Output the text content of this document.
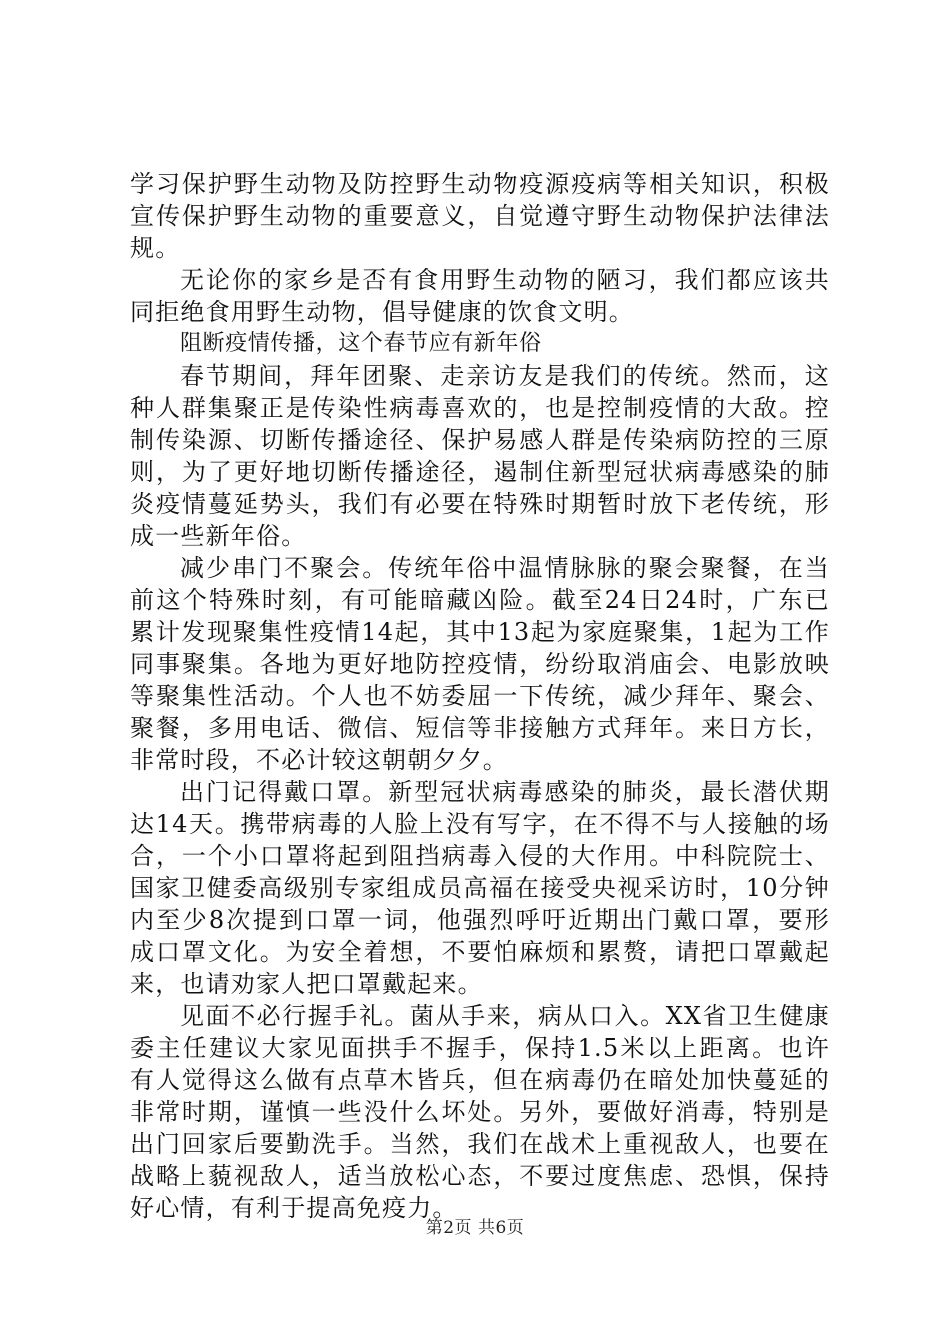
学习保护野生动物及防控野生动物疫源疫病等相关知识，积极
宣传保护野生动物的重要意义，自觉遵守野生动物保护法律法
规。
无论你的家乡是否有食用野生动物的陋习，我们都应该共
同拒绝食用野生动物，倡导健康的饮食文明。
阻断疫情传播，这个春节应有新年俗
春节期间，拜年团聚、走亲访友是我们的传统。然而，这
种人群集聚正是传染性病毒喜欢的，也是控制疫情的大敌。控
制传染源、切断传播途径、保护易感人群是传染病防控的三原
则，为了更好地切断传播途径，遏制住新型冠状病毒感染的肺
炎疫情蔓延势头，我们有必要在特殊时期暂时放下老传统，形
成一些新年俗。
减少串门不聚会。传统年俗中温情脉脉的聚会聚餐，在当
前这个特殊时刻，有可能暗藏凶险。截至24日24时，广东已
累计发现聚集性疫情14起，其中13起为家庭聚集，1起为工作
同事聚集。各地为更好地防控疫情，纷纷取消庙会、电影放映
等聚集性活动。个人也不妨委屈一下传统，减少拜年、聚会、
聚餐，多用电话、微信、短信等非接触方式拜年。来日方长，
非常时段，不必计较这朝朝夕夕。
出门记得戴口罩。新型冠状病毒感染的肺炎，最长潜伏期
达14天。携带病毒的人脸上没有写字，在不得不与人接触的场
合，一个小口罩将起到阻挡病毒入侵的大作用。中科院院士、
国家卫健委高级别专家组成员高福在接受央视采访时，10分钟
内至少8次提到口罩一词，他强烈呼吁近期出门戴口罩，要形
成口罩文化。为安全着想，不要怕麻烦和累赘，请把口罩戴起
来，也请劝家人把口罩戴起来。
见面不必行握手礼。菌从手来，病从口入。XX省卫生健康
委主任建议大家见面拱手不握手，保持1.5米以上距离。也许
有人觉得这么做有点草木皆兵，但在病毒仍在暗处加快蔓延的
非常时期，谨慎一些没什么坏处。另外，要做好消毒，特别是
出门回家后要勤洗手。当然，我们在战术上重视敌人，也要在
战略上藐视敌人，适当放松心态，不要过度焦虑、恐惧，保持
好心情，有利于提高免疫力。
第2页 共6页
